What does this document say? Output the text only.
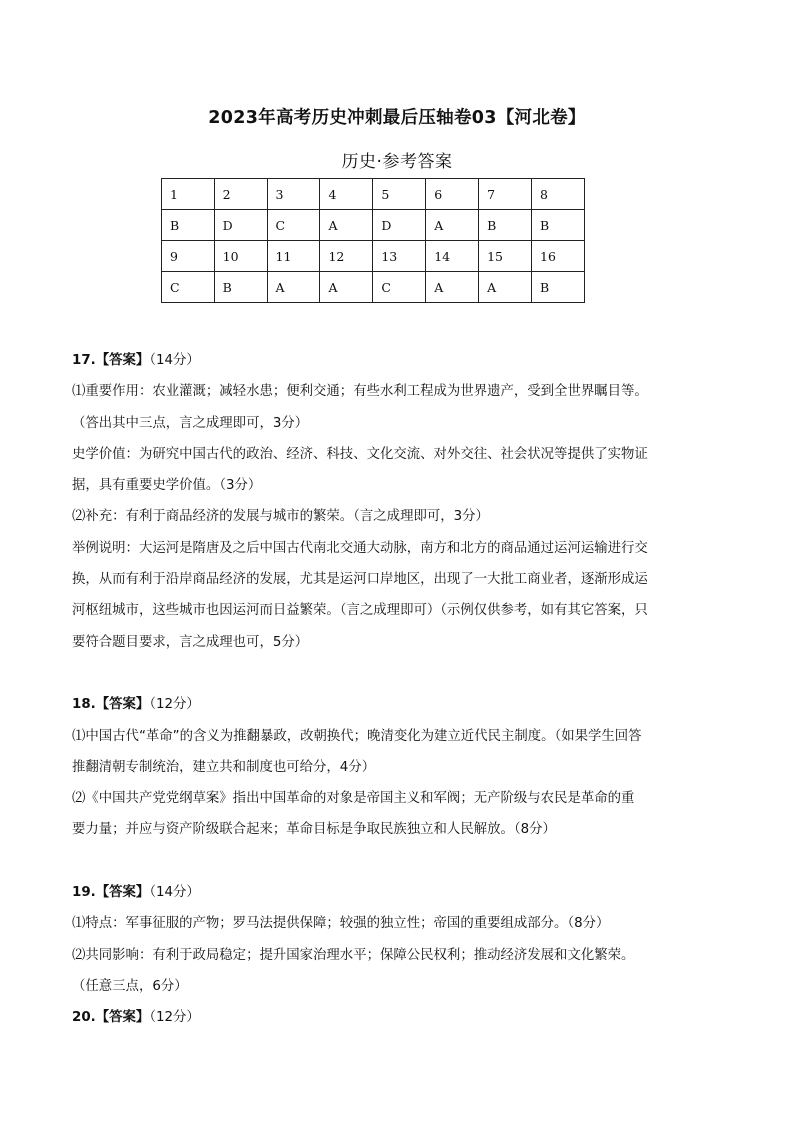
2023年高考历史冲刺最后压轴卷03【河北卷】
历史·参考答案
1	2	3	4	5	6	7	8
B	D	C	A	D	A	B	B
9	10	11	12	13	14	15	16
C	B	A	A	C	A	A	B

17.【答案】（14分）

⑴重要作用：农业灌溉；减轻水患；便利交通；有些水利工程成为世界遗产，受到全世界瞩目等。

（答出其中三点，言之成理即可，3分）

史学价值：为研究中国古代的政治、经济、科技、文化交流、对外交往、社会状况等提供了实物证

据，具有重要史学价值。（3分）

⑵补充：有利于商品经济的发展与城市的繁荣。（言之成理即可，3分）

举例说明：大运河是隋唐及之后中国古代南北交通大动脉，南方和北方的商品通过运河运输进行交

换，从而有利于沿岸商品经济的发展，尤其是运河口岸地区，出现了一大批工商业者，逐渐形成运

河枢纽城市，这些城市也因运河而日益繁荣。（言之成理即可）（示例仅供参考，如有其它答案，只

要符合题目要求，言之成理也可，5分）

18.【答案】（12分）

⑴中国古代“革命”的含义为推翻暴政，改朝换代；晚清变化为建立近代民主制度。（如果学生回答

推翻清朝专制统治，建立共和制度也可给分，4分）

⑵《中国共产党党纲草案》指出中国革命的对象是帝国主义和军阀；无产阶级与农民是革命的重

要力量；并应与资产阶级联合起来；革命目标是争取民族独立和人民解放。（8分）

19.【答案】（14分）

⑴特点：军事征服的产物；罗马法提供保障；较强的独立性；帝国的重要组成部分。（8分）

⑵共同影响：有利于政局稳定；提升国家治理水平；保障公民权利；推动经济发展和文化繁荣。

（任意三点，6分）

20.【答案】（12分）
